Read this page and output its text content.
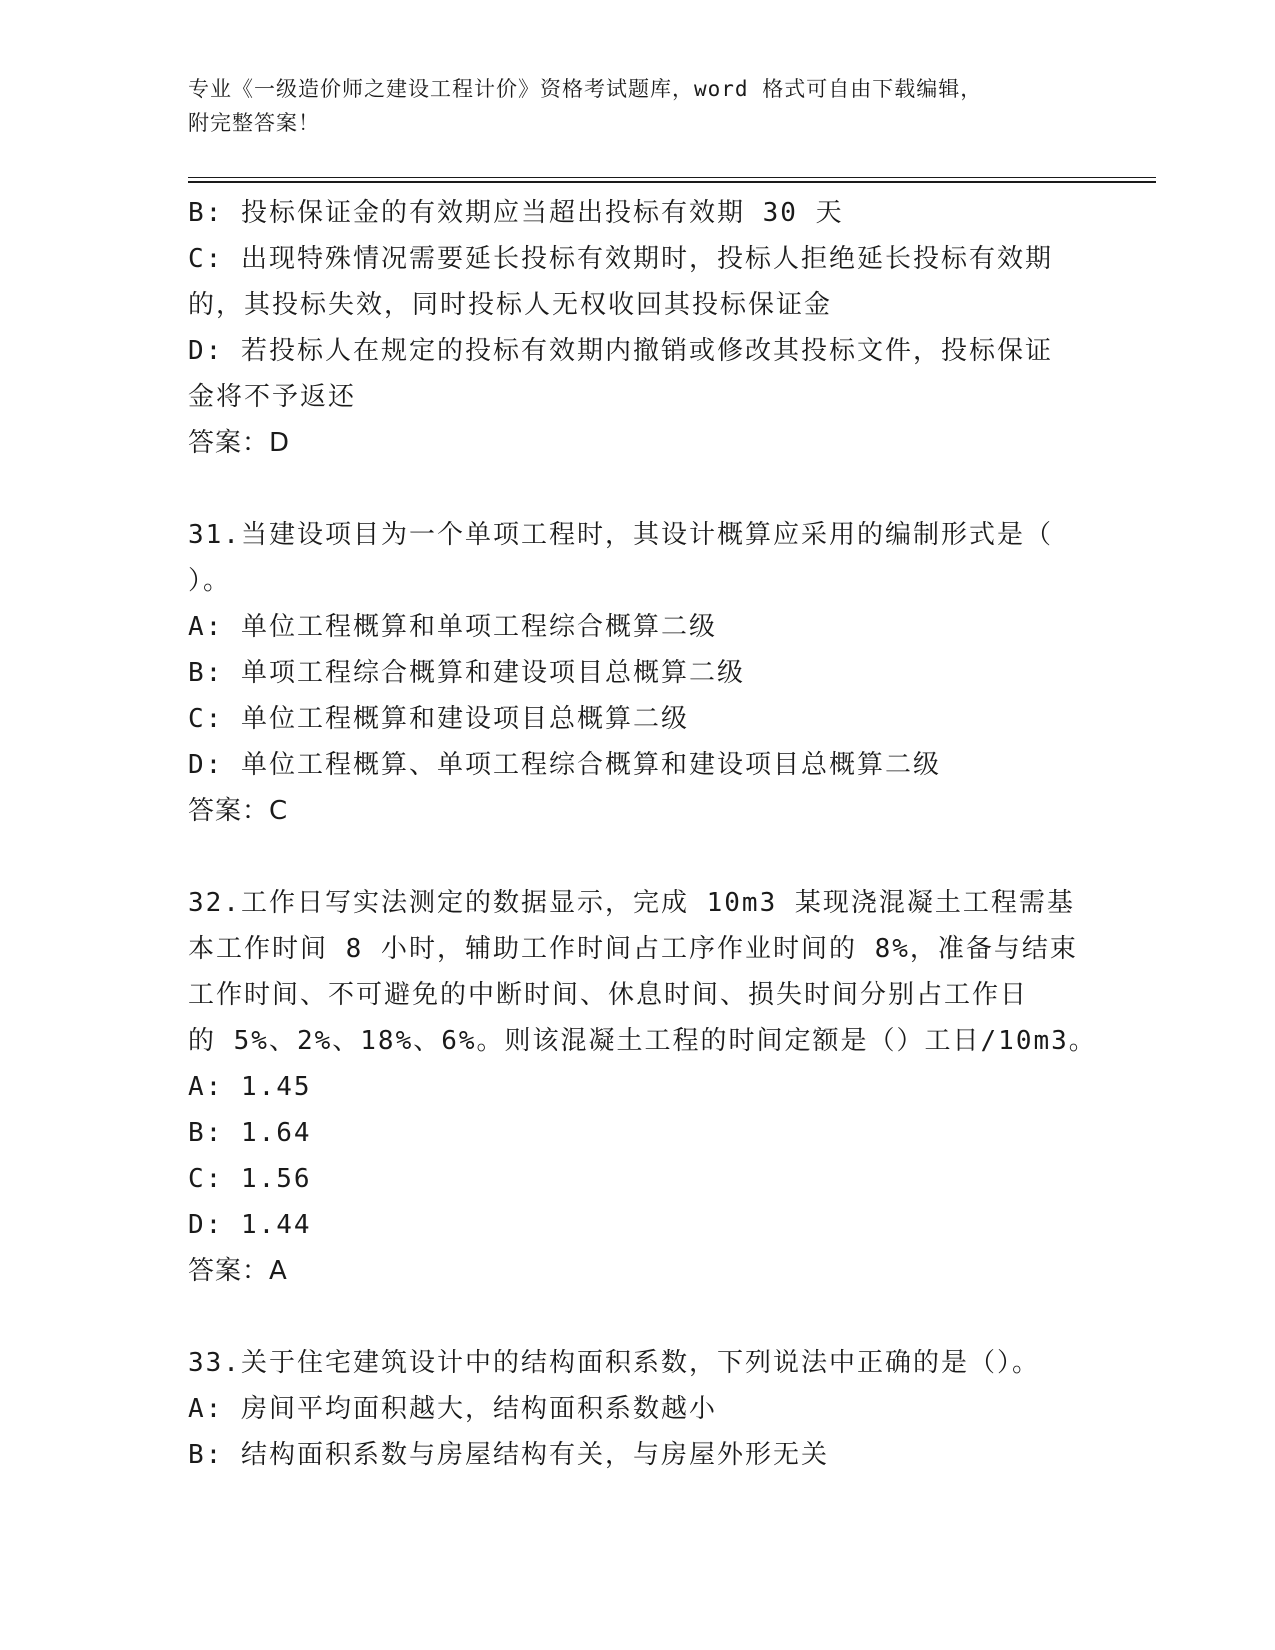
专业《一级造价师之建设工程计价》资格考试题库，word 格式可自由下载编辑，
附完整答案！
B: 投标保证金的有效期应当超出投标有效期 30 天
C: 出现特殊情况需要延长投标有效期时，投标人拒绝延长投标有效期
的，其投标失效，同时投标人无权收回其投标保证金
D: 若投标人在规定的投标有效期内撤销或修改其投标文件，投标保证
金将不予返还
答案：D
31.当建设项目为一个单项工程时，其设计概算应采用的编制形式是（
）。
A: 单位工程概算和单项工程综合概算二级
B: 单项工程综合概算和建设项目总概算二级
C: 单位工程概算和建设项目总概算二级
D: 单位工程概算、单项工程综合概算和建设项目总概算二级
答案：C
32.工作日写实法测定的数据显示，完成 10m3 某现浇混凝土工程需基
本工作时间 8 小时，辅助工作时间占工序作业时间的 8%，准备与结束
工作时间、不可避免的中断时间、休息时间、损失时间分别占工作日
的 5%、2%、18%、6%。则该混凝土工程的时间定额是（）工日/10m3。
A: 1.45
B: 1.64
C: 1.56
D: 1.44
答案：A
33.关于住宅建筑设计中的结构面积系数，下列说法中正确的是（）。
A: 房间平均面积越大，结构面积系数越小
B: 结构面积系数与房屋结构有关，与房屋外形无关
